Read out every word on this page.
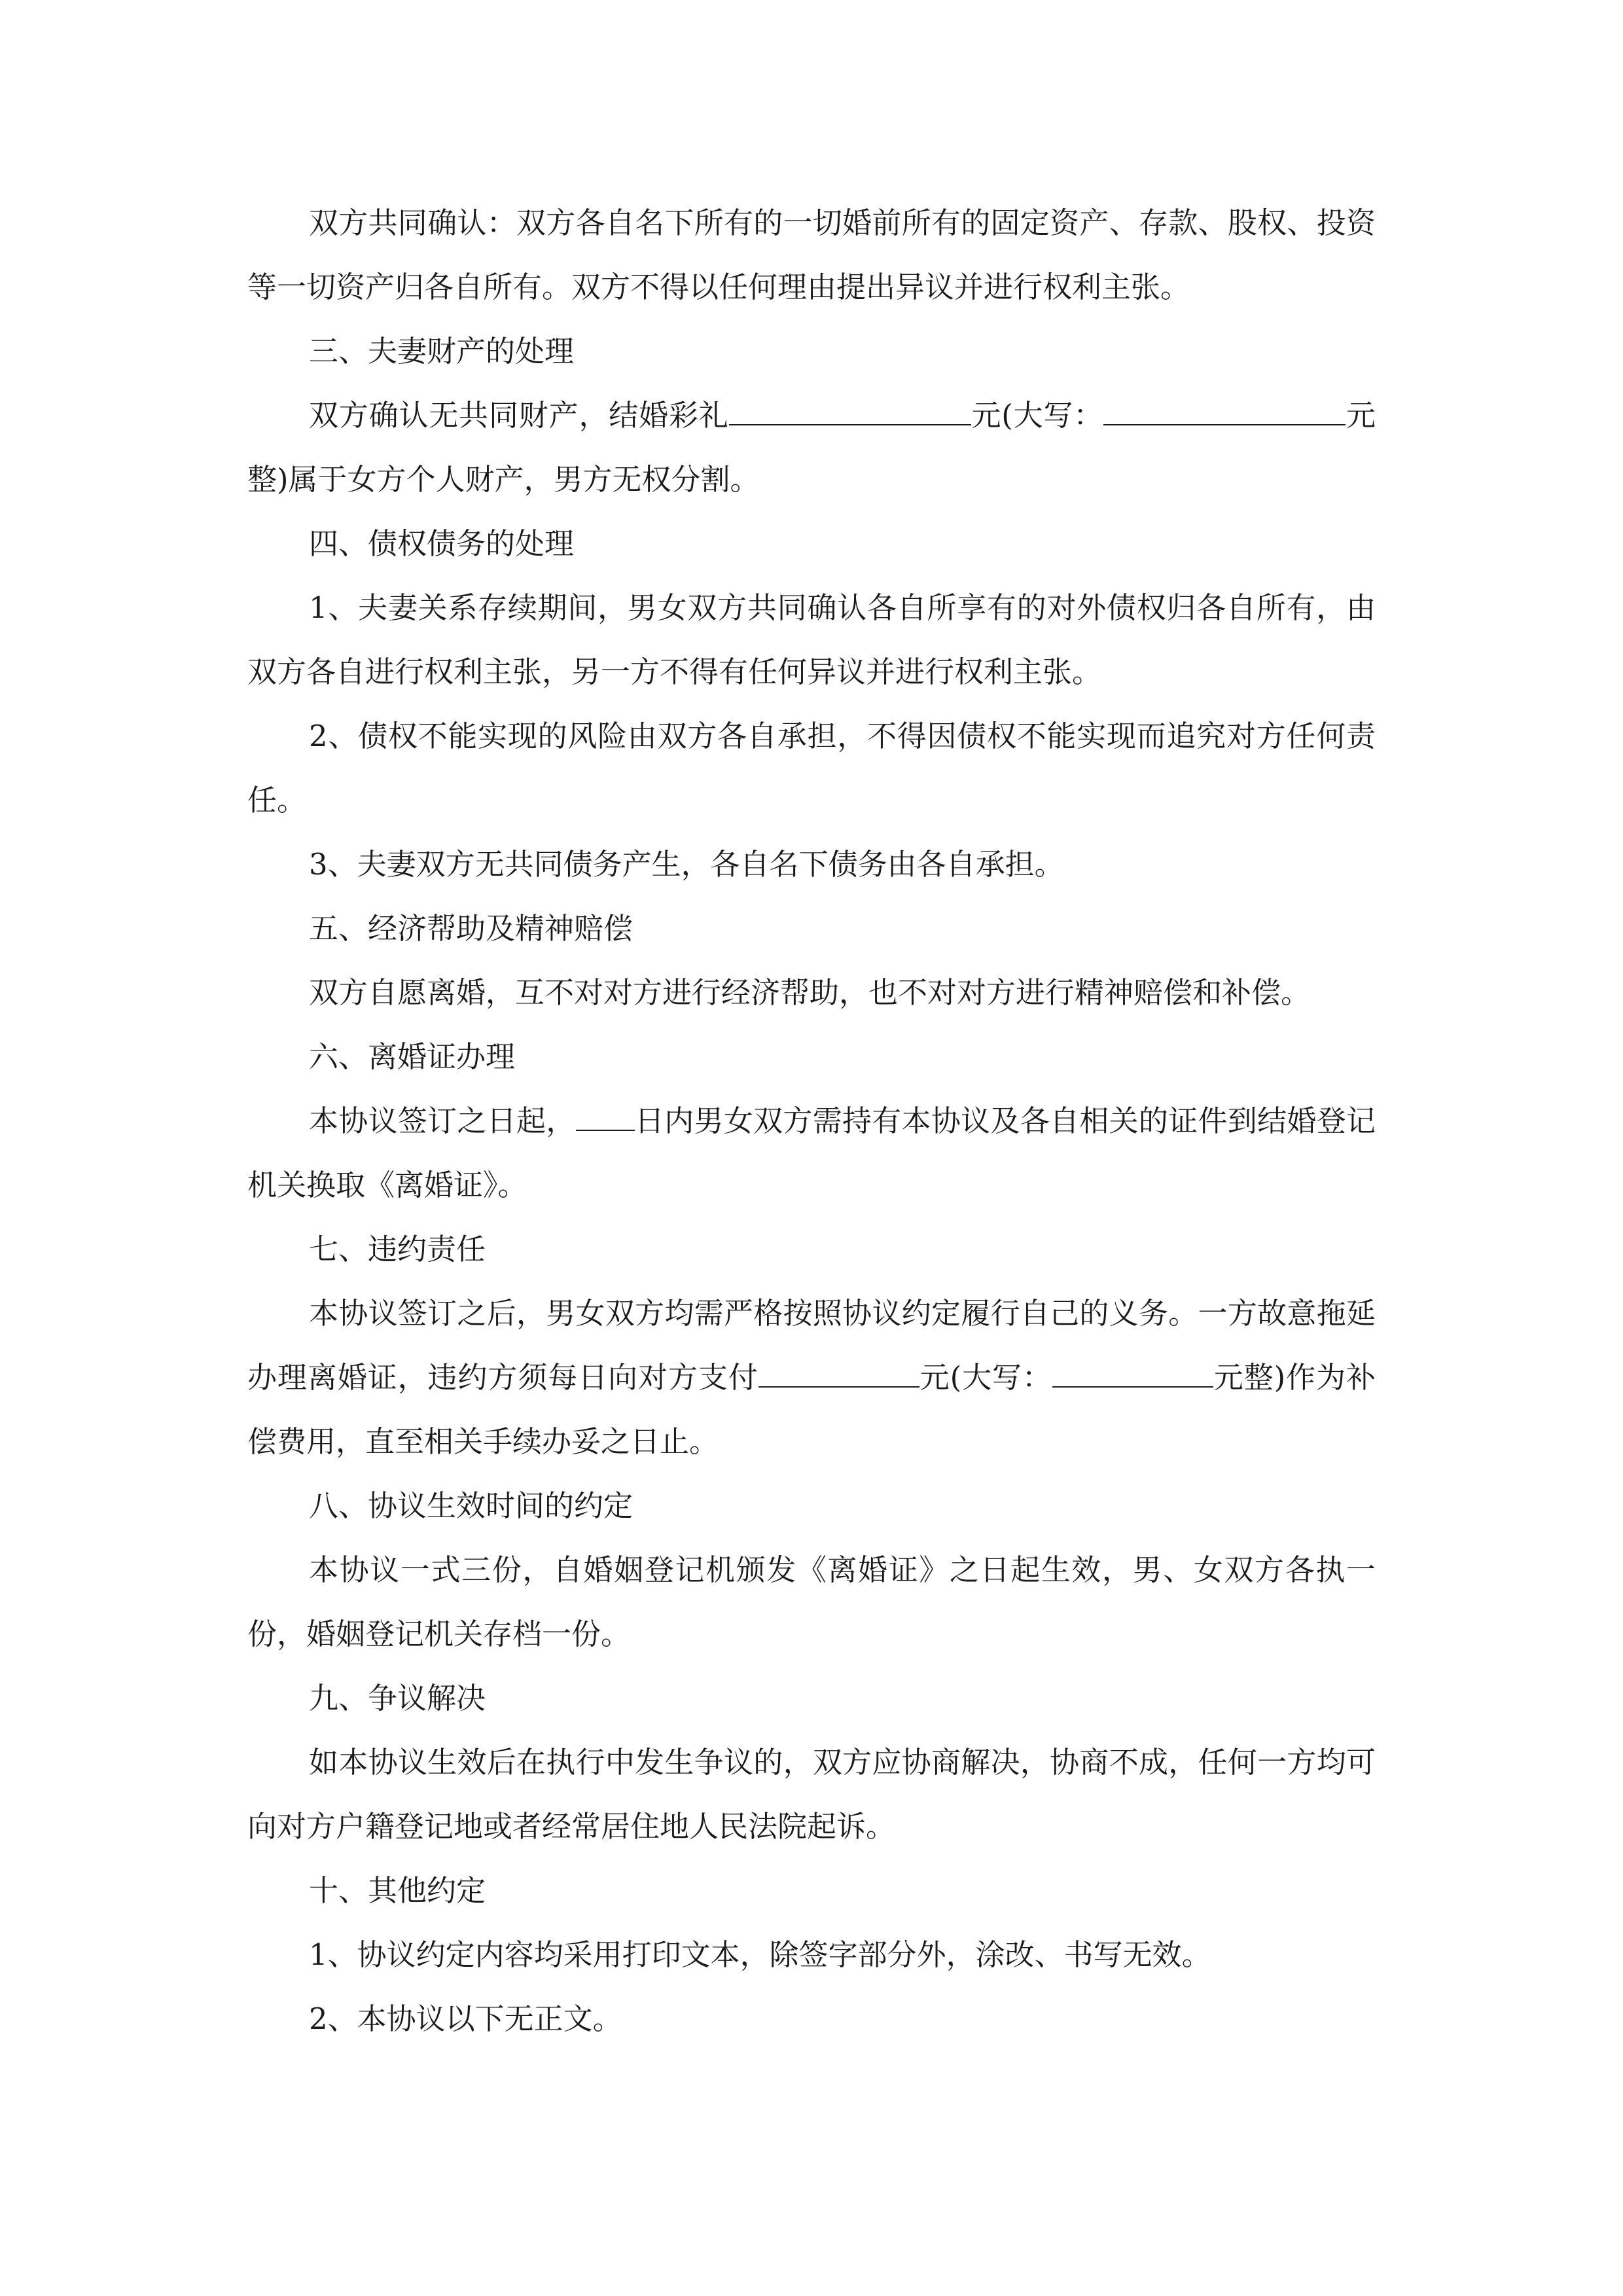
双方共同确认：双方各自名下所有的一切婚前所有的固定资产、存款、股权、投资等一切资产归各自所有。双方不得以任何理由提出异议并进行权利主张。

三、夫妻财产的处理

双方确认无共同财产，结婚彩礼	元(大写：	元整)属于女方个人财产，男方无权分割。

四、债权债务的处理

1、夫妻关系存续期间，男女双方共同确认各自所享有的对外债权归各自所有，由双方各自进行权利主张，另一方不得有任何异议并进行权利主张。

2、债权不能实现的风险由双方各自承担，不得因债权不能实现而追究对方任何责任。

3、夫妻双方无共同债务产生，各自名下债务由各自承担。

五、经济帮助及精神赔偿

双方自愿离婚，互不对对方进行经济帮助，也不对对方进行精神赔偿和补偿。

六、离婚证办理

本协议签订之日起， 日内男女双方需持有本协议及各自相关的证件到结婚登记机关换取《离婚证》。

七、违约责任

本协议签订之后，男女双方均需严格按照协议约定履行自己的义务。一方故意拖延办理离婚证，违约方须每日向对方支付	元(大写：	元整)作为补偿费用，直至相关手续办妥之日止。

八、协议生效时间的约定

本协议一式三份，自婚姻登记机颁发《离婚证》之日起生效，男、女双方各执一份，婚姻登记机关存档一份。

九、争议解决

如本协议生效后在执行中发生争议的，双方应协商解决，协商不成，任何一方均可向对方户籍登记地或者经常居住地人民法院起诉。

十、其他约定

1、协议约定内容均采用打印文本，除签字部分外，涂改、书写无效。

2、本协议以下无正文。
